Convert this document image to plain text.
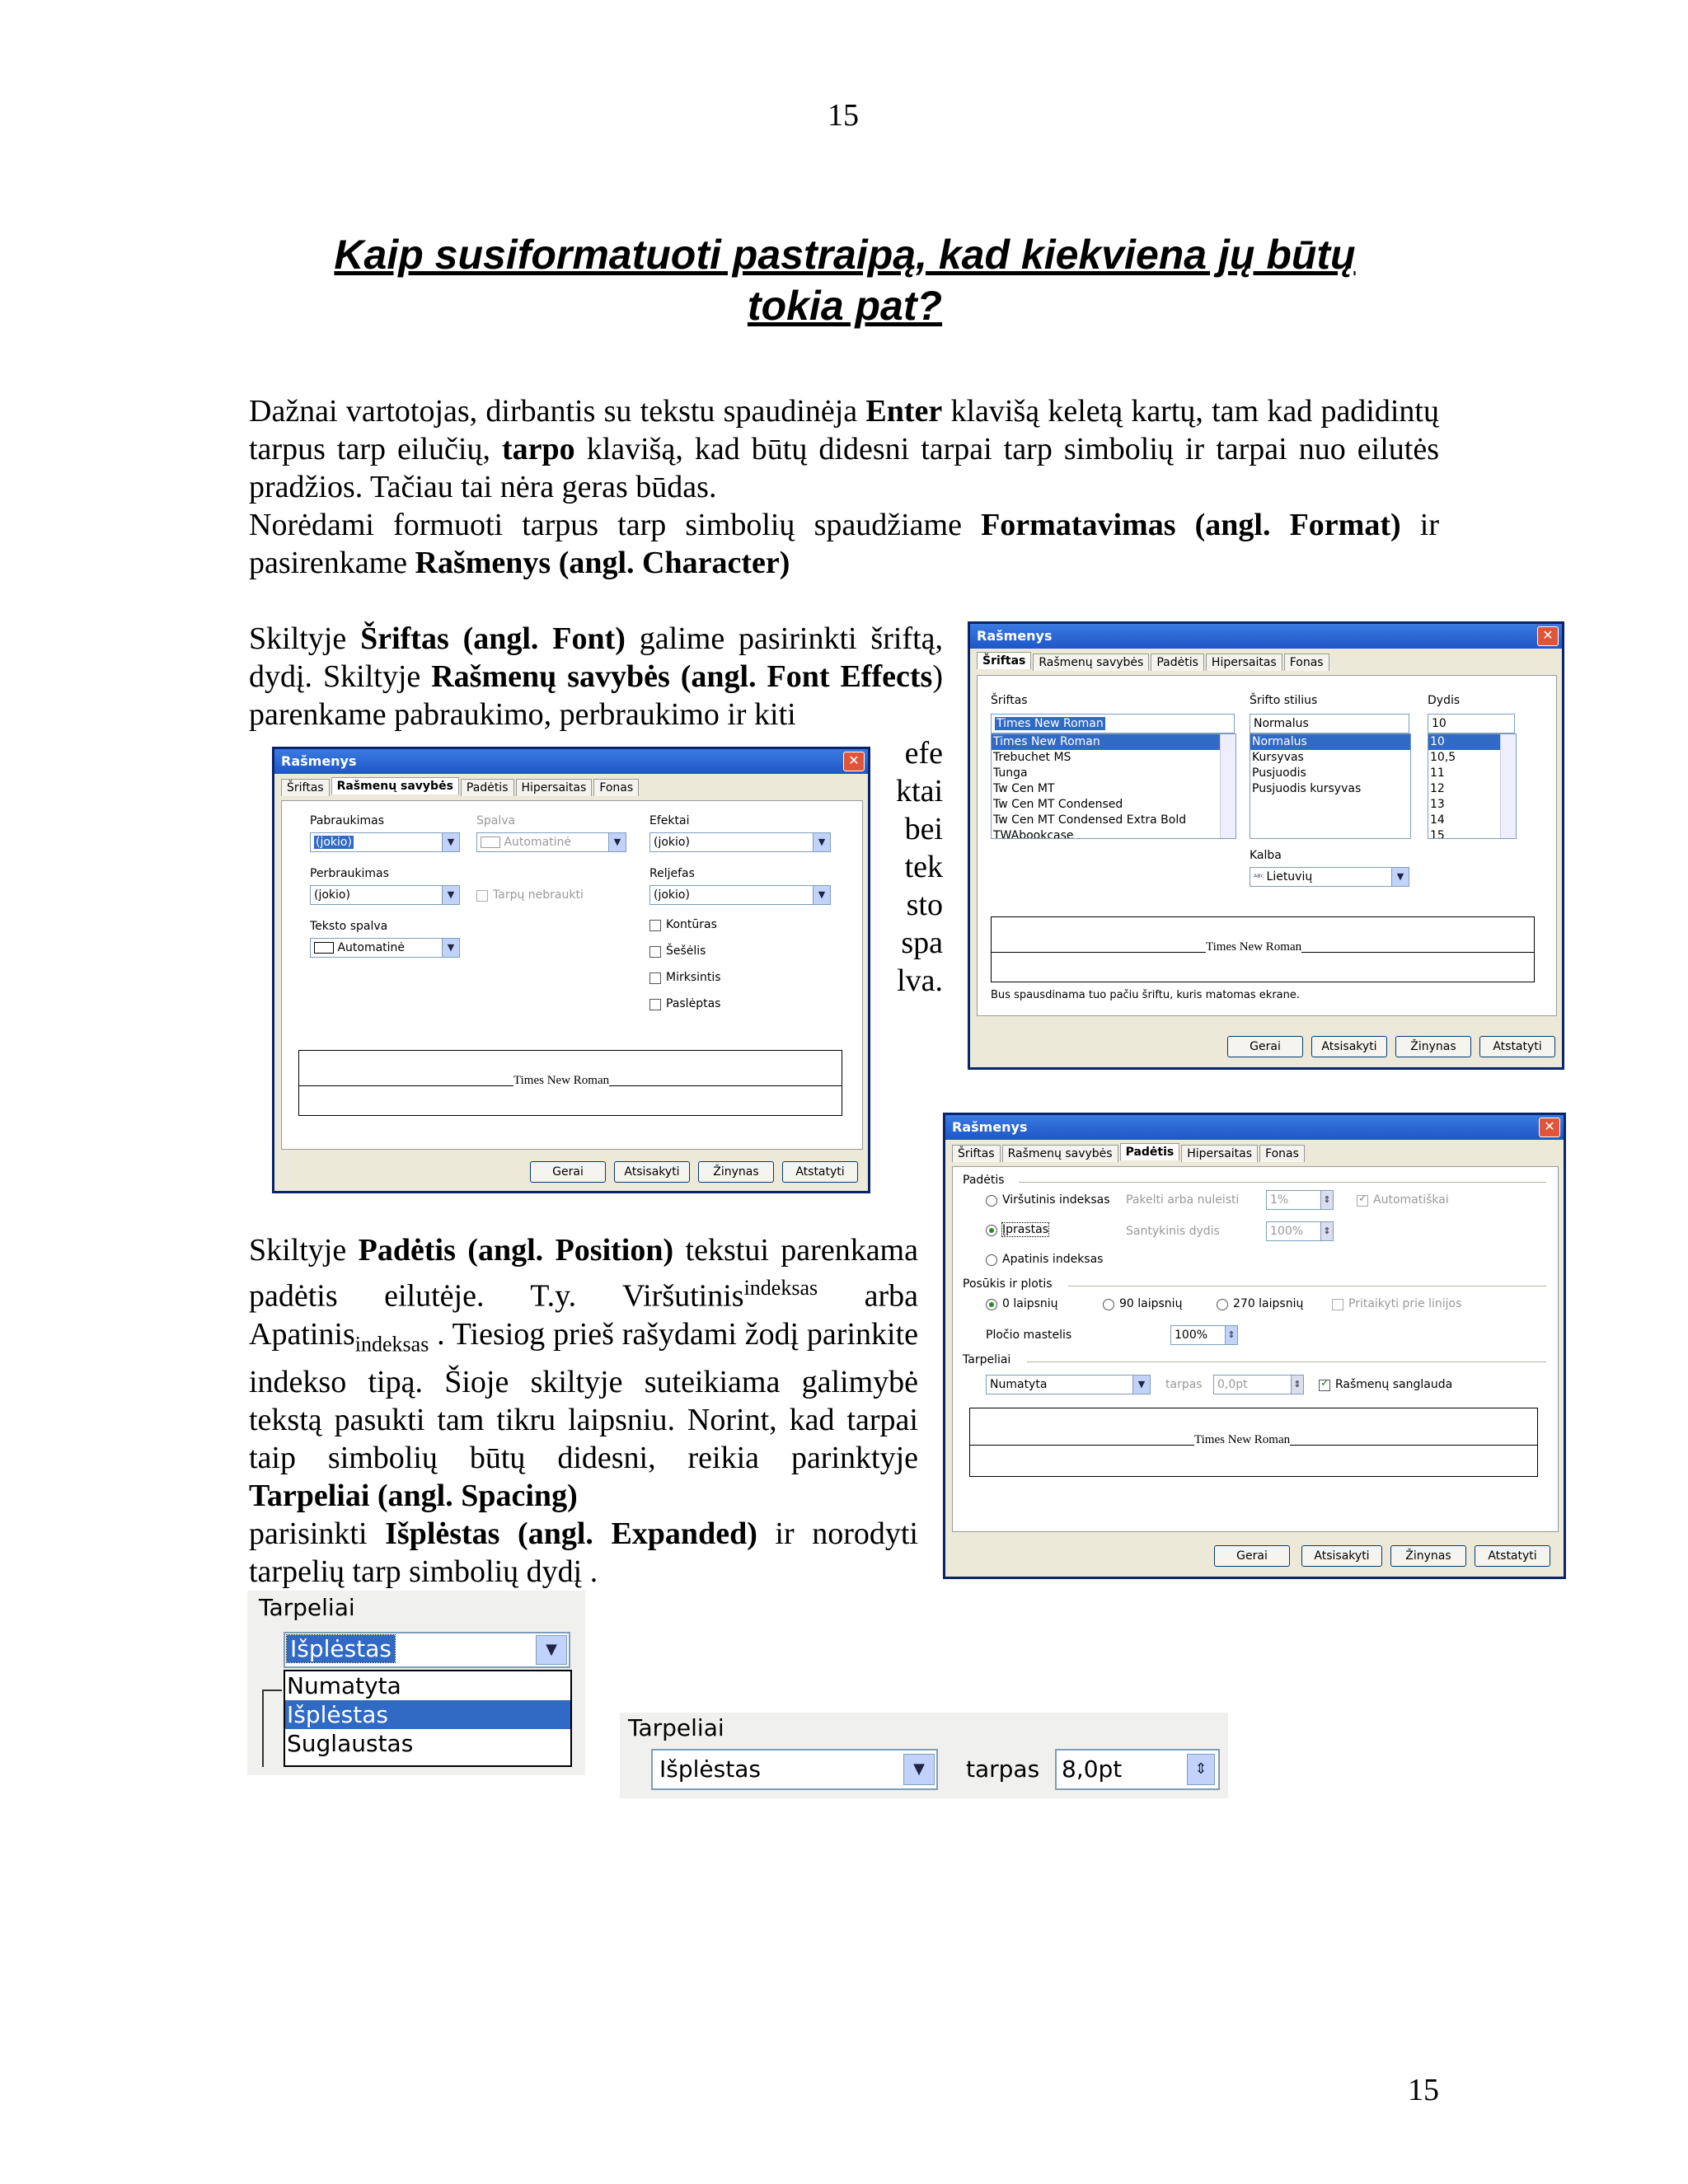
15
Kaip susiformatuoti pastraipą, kad kiekviena jų būtų
tokia pat?
Dažnai vartotojas, dirbantis su tekstu spaudinėja Enter klavišą keletą kartų, tam kad padidintų tarpus tarp eilučių, tarpo klavišą, kad būtų didesni tarpai tarp simbolių ir tarpai nuo eilutės pradžios. Tačiau tai nėra geras būdas.
Norėdami formuoti tarpus tarp simbolių spaudžiame Formatavimas (angl. Format) ir pasirenkame Rašmenys (angl. Character)
Skiltyje Šriftas (angl. Font) galime pasirinkti šriftą, dydį. Skiltyje Rašmenų savybės (angl. Font Effects) parenkame pabraukimo, perbraukimo ir kiti
efe
ktai
bei
tek
sto
spa
lva.
Skiltyje Padėtis (angl. Position) tekstui parenkama padėtis eilutėje. T.y. Viršutinis$^{indeksas}$ arba Apatinis$_{indeksas}$ . Tiesiog prieš rašydami žodį parinkite indekso tipą. Šioje skiltyje suteikiama galimybė tekstą pasukti tam tikru laipsniu. Norint, kad tarpai taip simbolių būtų didesni, reikia parinktyje Tarpeliai (angl. Spacing)
parisinkti Išplėstas (angl. Expanded) ir norodyti tarpelių tarp simbolių dydį .
Rašmenys	✕
Šriftas	Rašmenų savybės	Padėtis	Hipersaitas	Fonas
Šriftas	Šrifto stilius	Dydis
Times New Roman	Normalus	10
Times New Roman
Trebuchet MS
Tunga
Tw Cen MT
Tw Cen MT Condensed
Tw Cen MT Condensed Extra Bold
TWAbookcase
Normalus
Kursyvas
Pusjuodis
Pusjuodis kursyvas
10
10,5
11
12
13
14
15
Kalba
ᴬᴮᶜ Lietuvių	▼
Times New Roman
Bus spausdinama tuo pačiu šriftu, kuris matomas ekrane.
Gerai	Atsisakyti	Žinynas	Atstatyti
Rašmenys	✕
Šriftas	Rašmenų savybės	Padėtis	Hipersaitas	Fonas
Pabraukimas
(jokio)	▼
Spalva
Automatinė	▼
Efektai
(jokio)	▼
Perbraukimas
(jokio)	▼	Tarpų nebraukti
Reljefas
(jokio)	▼
Teksto spalva
Automatinė	▼
Kontūras
Šešėlis
Mirksintis
Paslėptas
Times New Roman
Gerai	Atsisakyti	Žinynas	Atstatyti
Rašmenys	✕
Šriftas	Rašmenų savybės	Padėtis	Hipersaitas	Fonas
Padėtis
Viršutinis indeksas
Įprastas
Apatinis indeksas
Pakelti arba nuleisti	1%	⇕	✓ Automatiškai
Santykinis dydis	100%	⇕
Posūkis ir plotis
0 laipsnių	90 laipsnių	270 laipsnių	Pritaikyti prie linijos
Pločio mastelis	100%	⇕
Tarpeliai
Numatyta	▼	tarpas	0,0pt	⇕ ✓ Rašmenų sanglauda
Times New Roman
Gerai	Atsisakyti	Žinynas	Atstatyti
Tarpeliai
Išplėstas	▼
Numatyta
Išplėstas
Suglaustas
Tarpeliai
Išplėstas	▼	tarpas 8,0pt	⇕
15
